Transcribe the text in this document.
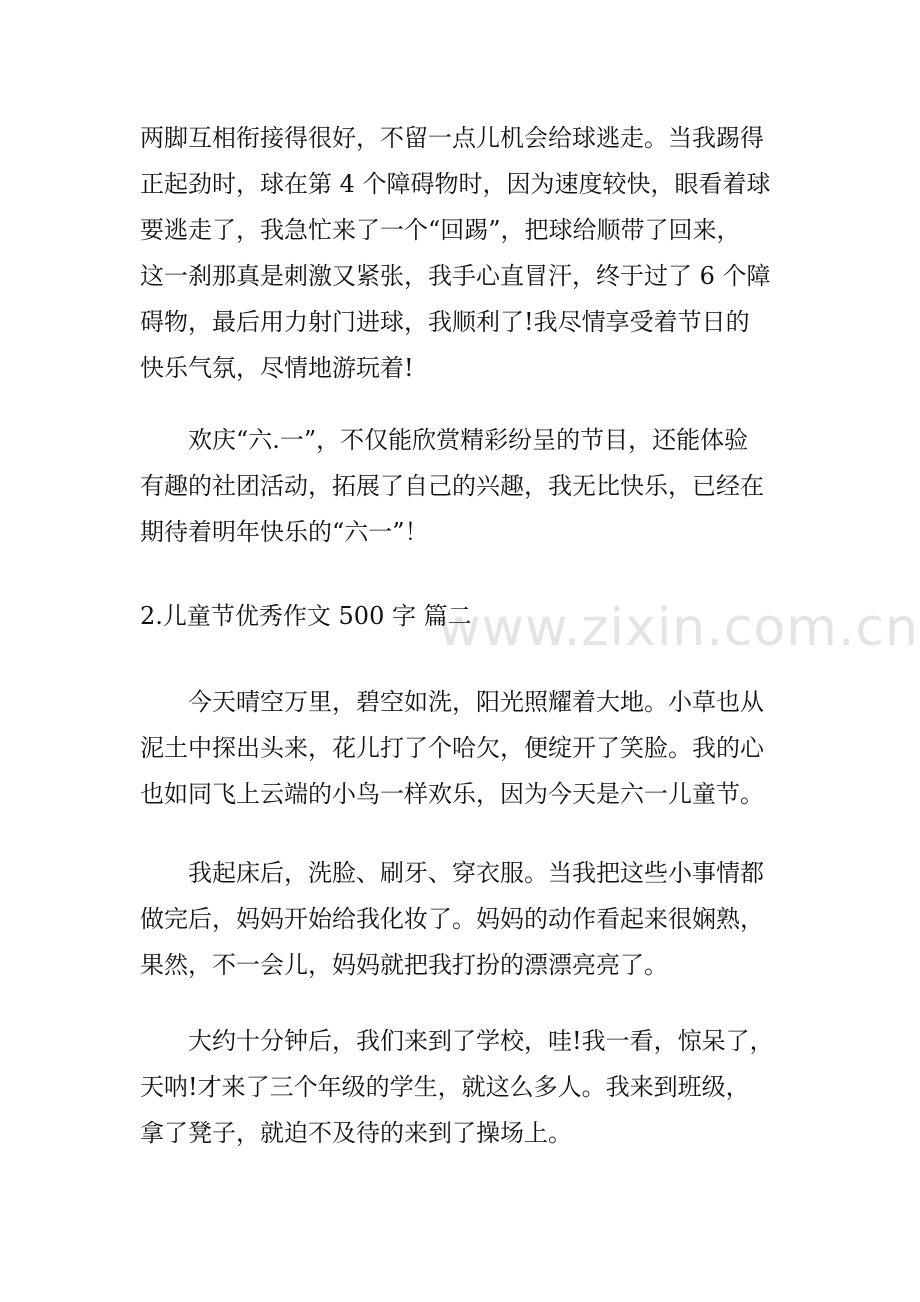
www.zixin.com.cn
两脚互相衔接得很好，不留一点儿机会给球逃走。当我踢得
正起劲时，球在第 4 个障碍物时，因为速度较快，眼看着球
要逃走了，我急忙来了一个“回踢”，把球给顺带了回来，
这一刹那真是刺激又紧张，我手心直冒汗，终于过了 6 个障
碍物，最后用力射门进球，我顺利了!我尽情享受着节日的
快乐气氛，尽情地游玩着!
　　欢庆“六.一”，不仅能欣赏精彩纷呈的节目，还能体验
有趣的社团活动，拓展了自己的兴趣，我无比快乐，已经在
期待着明年快乐的“六一”！
2.儿童节优秀作文 500 字 篇二
　　今天晴空万里，碧空如洗，阳光照耀着大地。小草也从
泥土中探出头来，花儿打了个哈欠，便绽开了笑脸。我的心
也如同飞上云端的小鸟一样欢乐，因为今天是六一儿童节。
　　我起床后，洗脸、刷牙、穿衣服。当我把这些小事情都
做完后，妈妈开始给我化妆了。妈妈的动作看起来很娴熟，
果然，不一会儿，妈妈就把我打扮的漂漂亮亮了。
　　大约十分钟后，我们来到了学校，哇!我一看，惊呆了，
天呐!才来了三个年级的学生，就这么多人。我来到班级，
拿了凳子，就迫不及待的来到了操场上。
